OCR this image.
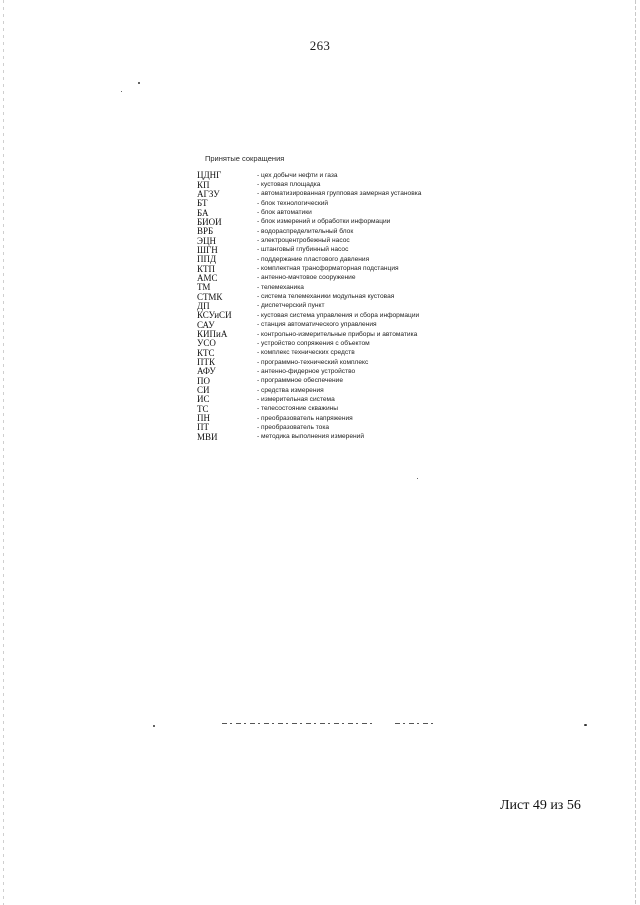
263
Принятые сокращения
ЦДНГ	- цех добычи нефти и газа
КП	- кустовая площадка
АГЗУ	- автоматизированная групповая замерная установка
БТ	- блок технологический
БА	- блок автоматики
БИОИ	- блок измерений и обработки информации
ВРБ	- водораспределительный блок
ЭЦН	- электроцентробежный насос
ШГН	- штанговый глубинный насос
ППД	- поддержание пластового давления
КТП	- комплектная трансформаторная подстанция
АМС	- антенно-мачтовое сооружение
ТМ	- телемеханика
СТМК	- система телемеханики модульная кустовая
ДП	- диспетчерский пункт
КСУиСИ	- кустовая система управления и сбора информации
САУ	- станция автоматического управления
КИПиА	- контрольно-измерительные приборы и автоматика
УСО	- устройство сопряжения с объектом
КТС	- комплекс технических средств
ПТК	- программно-технический комплекс
АФУ	- антенно-фидерное устройство
ПО	- программное обеспечение
СИ	- средства измерения
ИС	- измерительная система
ТС	- телесостояние скважины
ПН	- преобразователь напряжения
ПТ	- преобразователь тока
МВИ	- методика выполнения измерений
Лист 49 из 56
